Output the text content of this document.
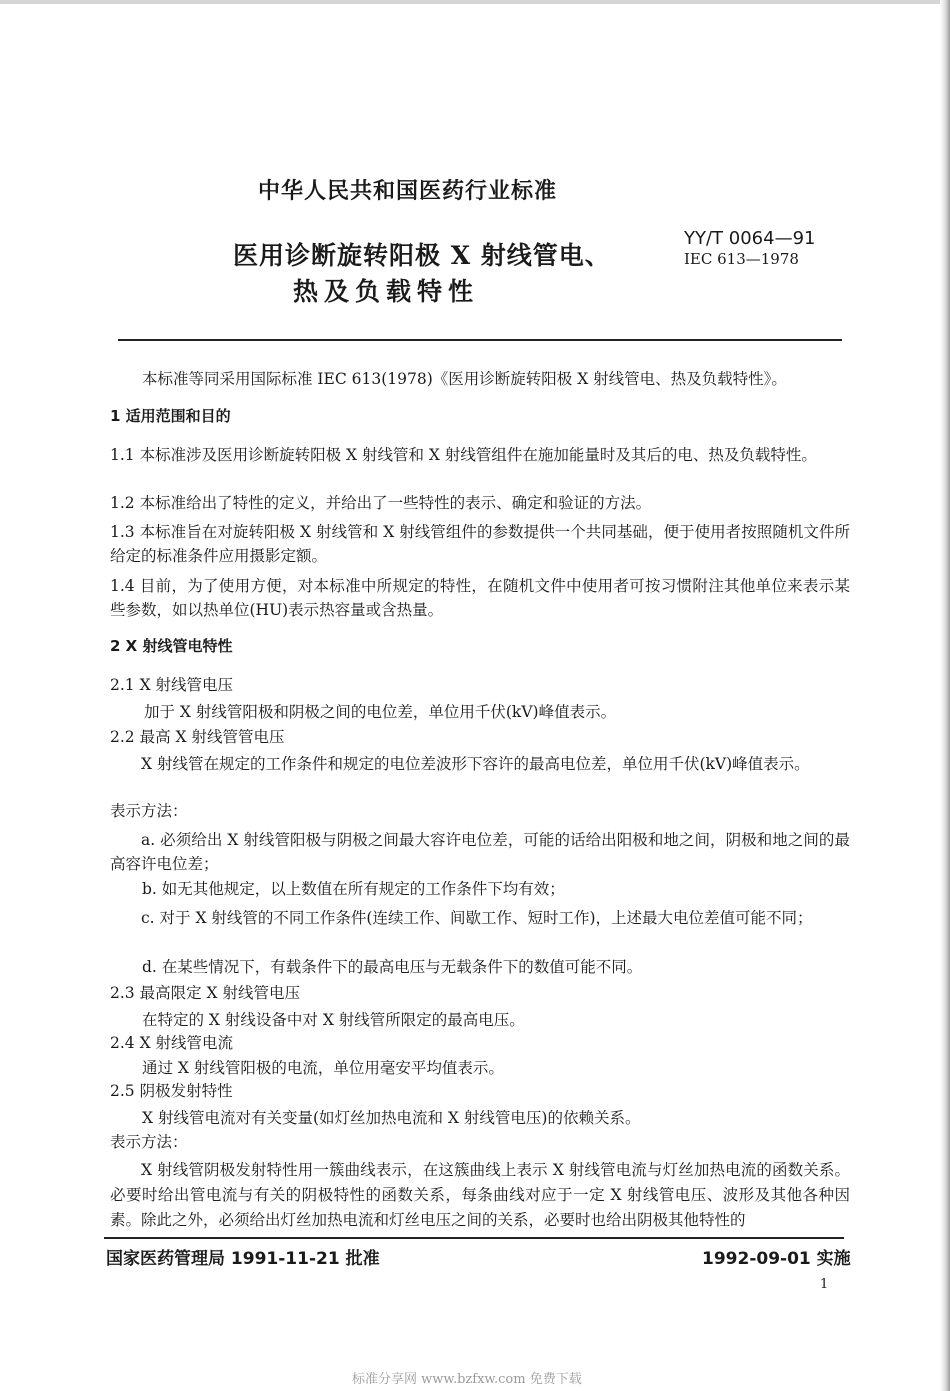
中华人民共和国医药行业标准
医用诊断旋转阳极 X 射线管电、
热及负载特性
YY/T 0064—91
IEC 613—1978
本标准等同采用国际标准 IEC 613(1978)《医用诊断旋转阳极 X 射线管电、热及负载特性》。
1 适用范围和目的
1.1 本标准涉及医用诊断旋转阳极 X 射线管和 X 射线管组件在施加能量时及其后的电、热及负载特性。
1.2 本标准给出了特性的定义，并给出了一些特性的表示、确定和验证的方法。
1.3 本标准旨在对旋转阳极 X 射线管和 X 射线管组件的参数提供一个共同基础，便于使用者按照随机文件所给定的标准条件应用摄影定额。
1.4 目前，为了使用方便，对本标准中所规定的特性，在随机文件中使用者可按习惯附注其他单位来表示某些参数，如以热单位(HU)表示热容量或含热量。
2 X 射线管电特性
2.1 X 射线管电压
加于 X 射线管阳极和阴极之间的电位差，单位用千伏(kV)峰值表示。
2.2 最高 X 射线管管电压
X 射线管在规定的工作条件和规定的电位差波形下容许的最高电位差，单位用千伏(kV)峰值表示。
表示方法：
a. 必须给出 X 射线管阳极与阴极之间最大容许电位差，可能的话给出阳极和地之间，阴极和地之间的最高容许电位差；
b. 如无其他规定，以上数值在所有规定的工作条件下均有效；
c. 对于 X 射线管的不同工作条件(连续工作、间歇工作、短时工作)，上述最大电位差值可能不同；
d. 在某些情况下，有载条件下的最高电压与无载条件下的数值可能不同。
2.3 最高限定 X 射线管电压
在特定的 X 射线设备中对 X 射线管所限定的最高电压。
2.4 X 射线管电流
通过 X 射线管阳极的电流，单位用毫安平均值表示。
2.5 阴极发射特性
X 射线管电流对有关变量(如灯丝加热电流和 X 射线管电压)的依赖关系。
表示方法：
X 射线管阴极发射特性用一簇曲线表示，在这簇曲线上表示 X 射线管电流与灯丝加热电流的函数关系。必要时给出管电流与有关的阴极特性的函数关系，每条曲线对应于一定 X 射线管电压、波形及其他各种因素。除此之外，必须给出灯丝加热电流和灯丝电压之间的关系，必要时也给出阴极其他特性的
国家医药管理局 1991-11-21 批准	1992-09-01 实施
1
标准分享网 www.bzfxw.com 免费下载
